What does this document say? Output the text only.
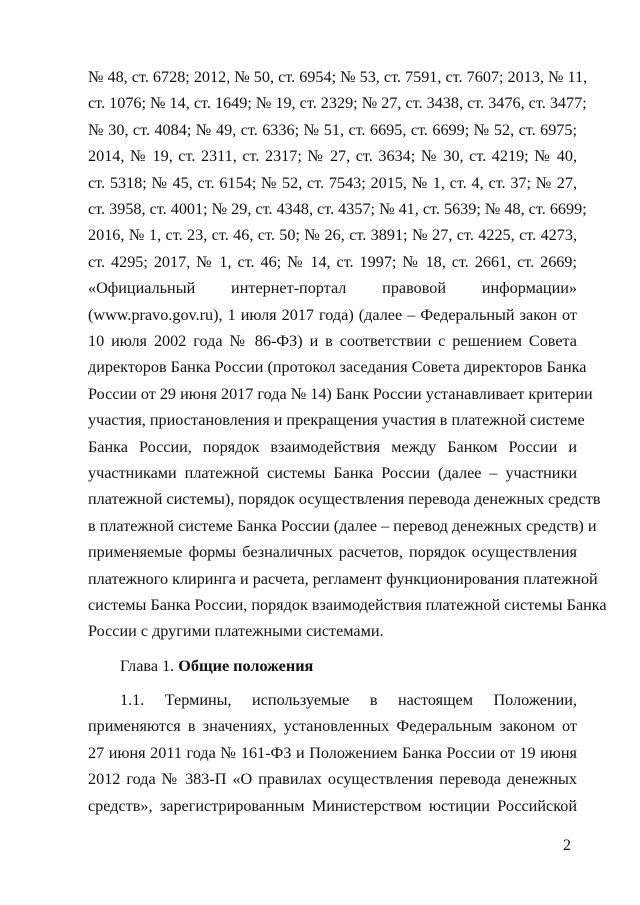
№ 48, ст. 6728; 2012, № 50, ст. 6954; № 53, ст. 7591, ст. 7607; 2013, № 11,
ст. 1076; № 14, ст. 1649; № 19, ст. 2329; № 27, ст. 3438, ст. 3476, ст. 3477;
№ 30, ст. 4084; № 49, ст. 6336; № 51, ст. 6695, ст. 6699; № 52, ст. 6975;
2014, № 19, ст. 2311, ст. 2317; № 27, ст. 3634; № 30, ст. 4219; № 40,
ст. 5318; № 45, ст. 6154; № 52, ст. 7543; 2015, № 1, ст. 4, ст. 37; № 27,
ст. 3958, ст. 4001; № 29, ст. 4348, ст. 4357; № 41, ст. 5639; № 48, ст. 6699;
2016, № 1, ст. 23, ст. 46, ст. 50; № 26, ст. 3891; № 27, ст. 4225, ст. 4273,
ст. 4295; 2017, № 1, ст. 46; № 14, ст. 1997; № 18, ст. 2661, ст. 2669;
«Официальный интернет-портал правовой информации»
(www.pravo.gov.ru), 1 июля 2017 года) (далее – Федеральный закон от
10 июля 2002 года № 86-ФЗ) и в соответствии с решением Совета
директоров Банка России (протокол заседания Совета директоров Банка
России от 29 июня 2017 года № 14) Банк России устанавливает критерии
участия, приостановления и прекращения участия в платежной системе
Банка России, порядок взаимодействия между Банком России и
участниками платежной системы Банка России (далее – участники
платежной системы), порядок осуществления перевода денежных средств
в платежной системе Банка России (далее – перевод денежных средств) и
применяемые формы безналичных расчетов, порядок осуществления
платежного клиринга и расчета, регламент функционирования платежной
системы Банка России, порядок взаимодействия платежной системы Банка
России с другими платежными системами.
Глава 1. Общие положения
1.1. Термины, используемые в настоящем Положении,
применяются в значениях, установленных Федеральным законом от
27 июня 2011 года № 161-ФЗ и Положением Банка России от 19 июня
2012 года № 383-П «О правилах осуществления перевода денежных
средств», зарегистрированным Министерством юстиции Российской
2
